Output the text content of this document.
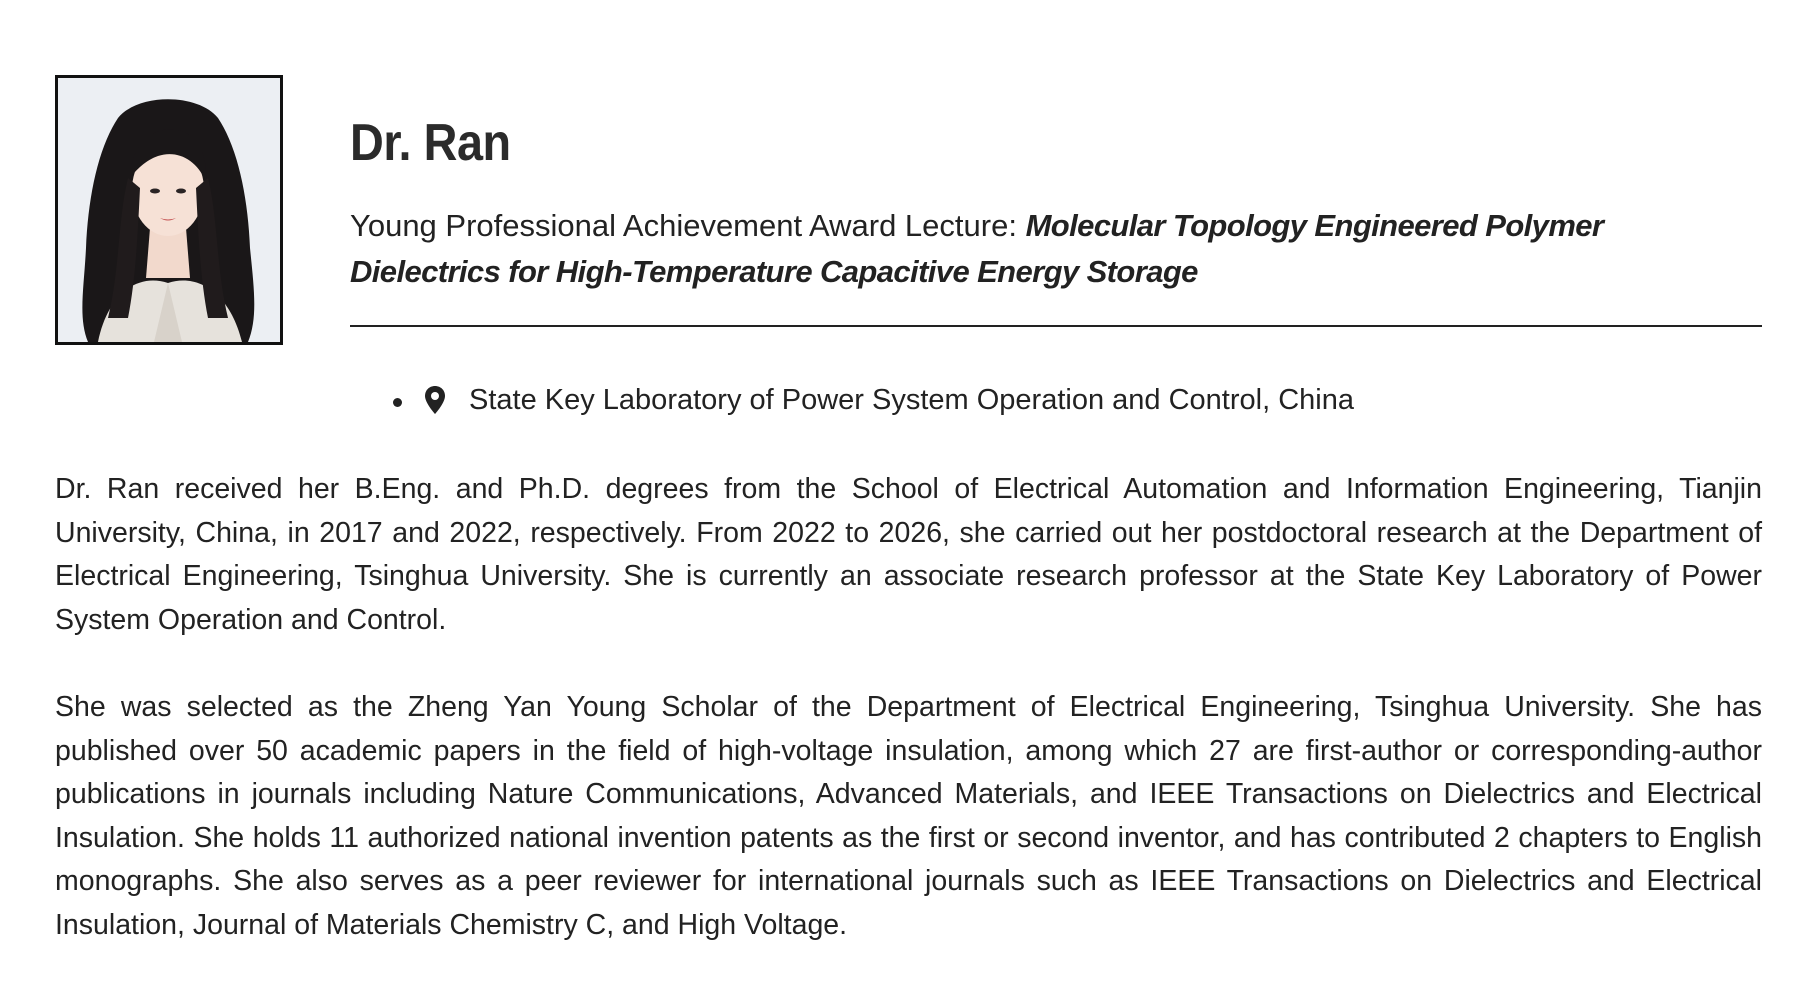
Dr. Ran
Young Professional Achievement Award Lecture: Molecular Topology Engineered Polymer Dielectrics for High-Temperature Capacitive Energy Storage
State Key Laboratory of Power System Operation and Control, China

Dr. Ran received her B.Eng. and Ph.D. degrees from the School of Electrical Automation and Information Engineering, Tianjin University, China, in 2017 and 2022, respectively. From 2022 to 2026, she carried out her postdoctoral research at the Department of Electrical Engineering, Tsinghua University. She is currently an associate research professor at the State Key Laboratory of Power System Operation and Control.

She was selected as the Zheng Yan Young Scholar of the Department of Electrical Engineering, Tsinghua University. She has published over 50 academic papers in the field of high-voltage insulation, among which 27 are first-author or corresponding-author publications in journals including Nature Communications, Advanced Materials, and IEEE Transactions on Dielectrics and Electrical Insulation. She holds 11 authorized national invention patents as the first or second inventor, and has contributed 2 chapters to English monographs. She also serves as a peer reviewer for international journals such as IEEE Transactions on Dielectrics and Electrical Insulation, Journal of Materials Chemistry C, and High Voltage.
